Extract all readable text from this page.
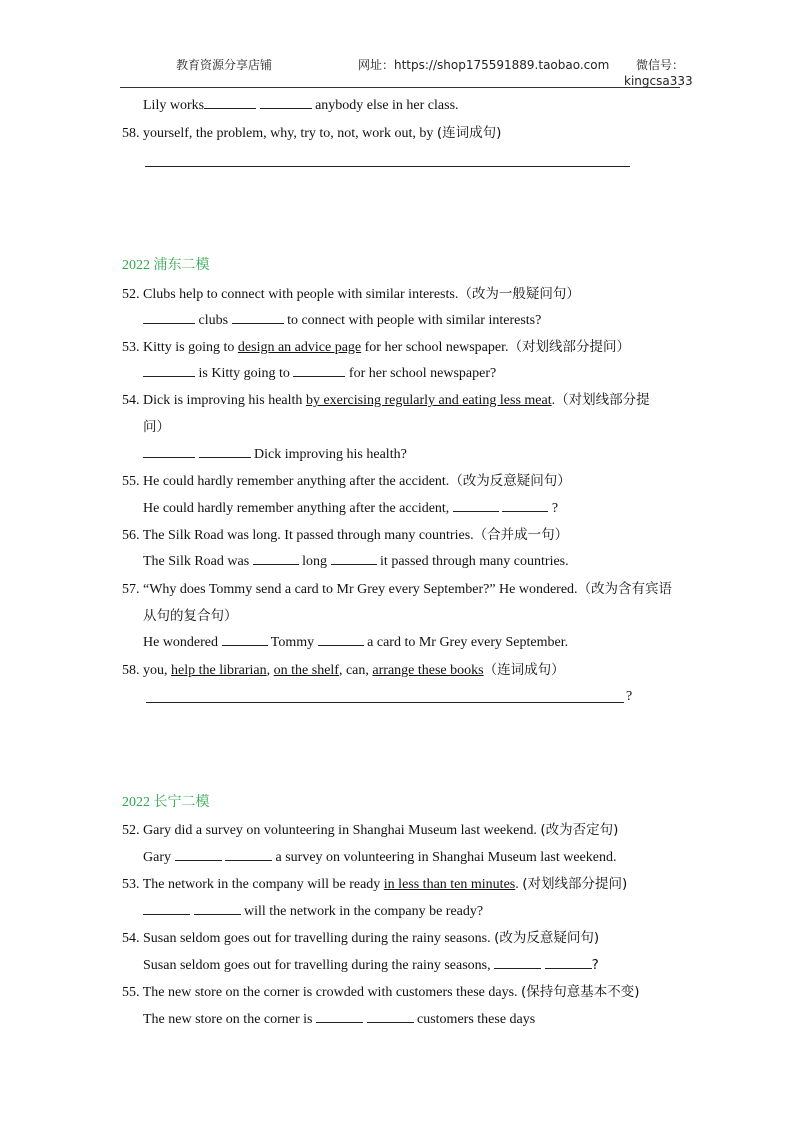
教育资源分享店铺	网址：https://shop175591889.taobao.com 微信号：
kingcsa333
Lily works	anybody else in her class.
58. yourself, the problem, why, try to, not, work out, by (连词成句)
2022 浦东二模
52. Clubs help to connect with people with similar interests.（改为一般疑问句）
clubs	to connect with people with similar interests?
53. Kitty is going to design an advice page for her school newspaper.（对划线部分提问）
is Kitty going to	for her school newspaper?
54. Dick is improving his health by exercising regularly and eating less meat.（对划线部分提
问）
Dick improving his health?
55. He could hardly remember anything after the accident.（改为反意疑问句）
He could hardly remember anything after the accident,	?
56. The Silk Road was long. It passed through many countries.（合并成一句）
The Silk Road was	long	it passed through many countries.
57. “Why does Tommy send a card to Mr Grey every September?” He wondered.（改为含有宾语
从句的复合句）
He wondered	Tommy	a card to Mr Grey every September.
58. you, help the librarian, on the shelf, can, arrange these books（连词成句）
?
2022 长宁二模
52. Gary did a survey on volunteering in Shanghai Museum last weekend. (改为否定句)
Gary	a survey on volunteering in Shanghai Museum last weekend.
53. The network in the company will be ready in less than ten minutes. (对划线部分提问)
will the network in the company be ready?
54. Susan seldom goes out for travelling during the rainy seasons. (改为反意疑问句)
Susan seldom goes out for travelling during the rainy seasons,	?
55. The new store on the corner is crowded with customers these days. (保持句意基本不变)
The new store on the corner is	customers these days
